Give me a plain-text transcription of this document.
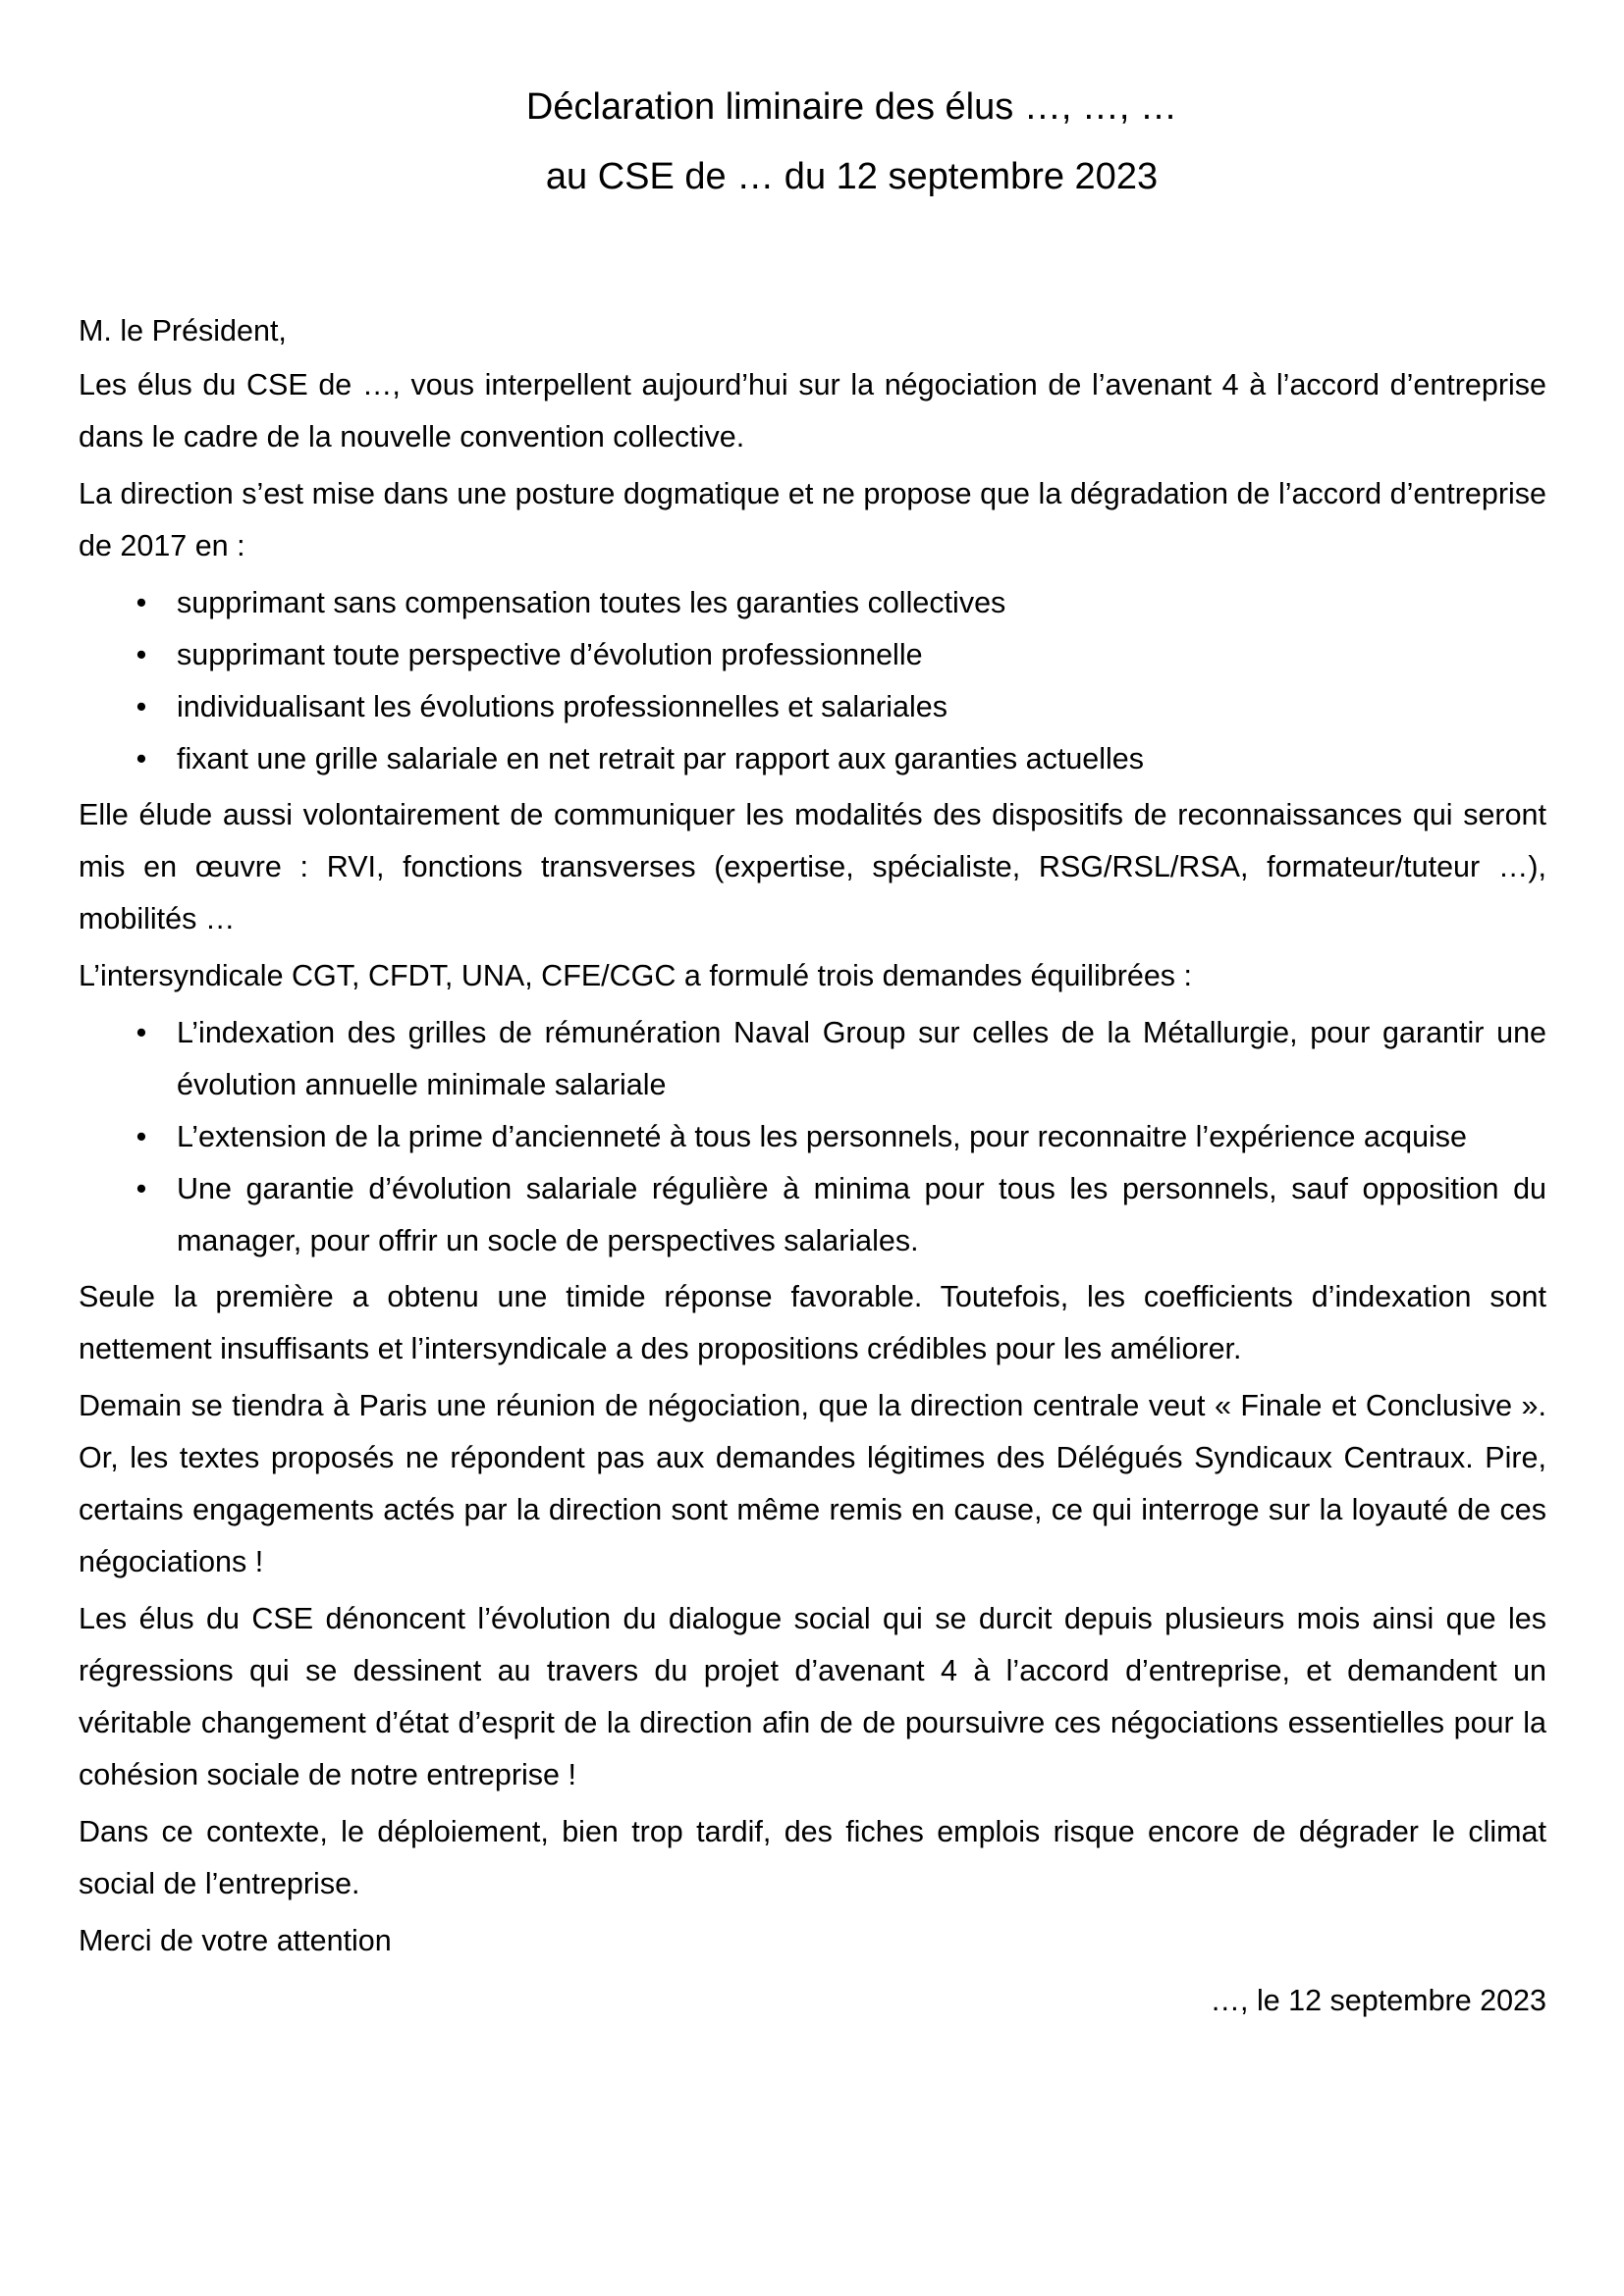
Déclaration liminaire des élus …, …, …
au CSE de … du 12 septembre 2023

M. le Président,

Les élus du CSE de …, vous interpellent aujourd’hui sur la négociation de l’avenant 4 à l’accord d’entreprise dans le cadre de la nouvelle convention collective.

La direction s’est mise dans une posture dogmatique et ne propose que la dégradation de l’accord d’entreprise de 2017 en :

• supprimant sans compensation toutes les garanties collectives
• supprimant toute perspective d’évolution professionnelle
• individualisant les évolutions professionnelles et salariales
• fixant une grille salariale en net retrait par rapport aux garanties actuelles

Elle élude aussi volontairement de communiquer les modalités des dispositifs de reconnaissances qui seront mis en œuvre : RVI, fonctions transverses (expertise, spécialiste, RSG/RSL/RSA, formateur/tuteur …), mobilités …

L’intersyndicale CGT, CFDT, UNA, CFE/CGC a formulé trois demandes équilibrées :

• L’indexation des grilles de rémunération Naval Group sur celles de la Métallurgie, pour garantir une évolution annuelle minimale salariale
• L’extension de la prime d’ancienneté à tous les personnels, pour reconnaitre l’expérience acquise
• Une garantie d’évolution salariale régulière à minima pour tous les personnels, sauf opposition du manager, pour offrir un socle de perspectives salariales.

Seule la première a obtenu une timide réponse favorable. Toutefois, les coefficients d’indexation sont nettement insuffisants et l’intersyndicale a des propositions crédibles pour les améliorer.

Demain se tiendra à Paris une réunion de négociation, que la direction centrale veut « Finale et Conclusive ». Or, les textes proposés ne répondent pas aux demandes légitimes des Délégués Syndicaux Centraux. Pire, certains engagements actés par la direction sont même remis en cause, ce qui interroge sur la loyauté de ces négociations !

Les élus du CSE dénoncent l’évolution du dialogue social qui se durcit depuis plusieurs mois ainsi que les régressions qui se dessinent au travers du projet d’avenant 4 à l’accord d’entreprise, et demandent un véritable changement d’état d’esprit de la direction afin de de poursuivre ces négociations essentielles pour la cohésion sociale de notre entreprise !

Dans ce contexte, le déploiement, bien trop tardif, des fiches emplois risque encore de dégrader le climat social de l’entreprise.

Merci de votre attention

…, le 12 septembre 2023
